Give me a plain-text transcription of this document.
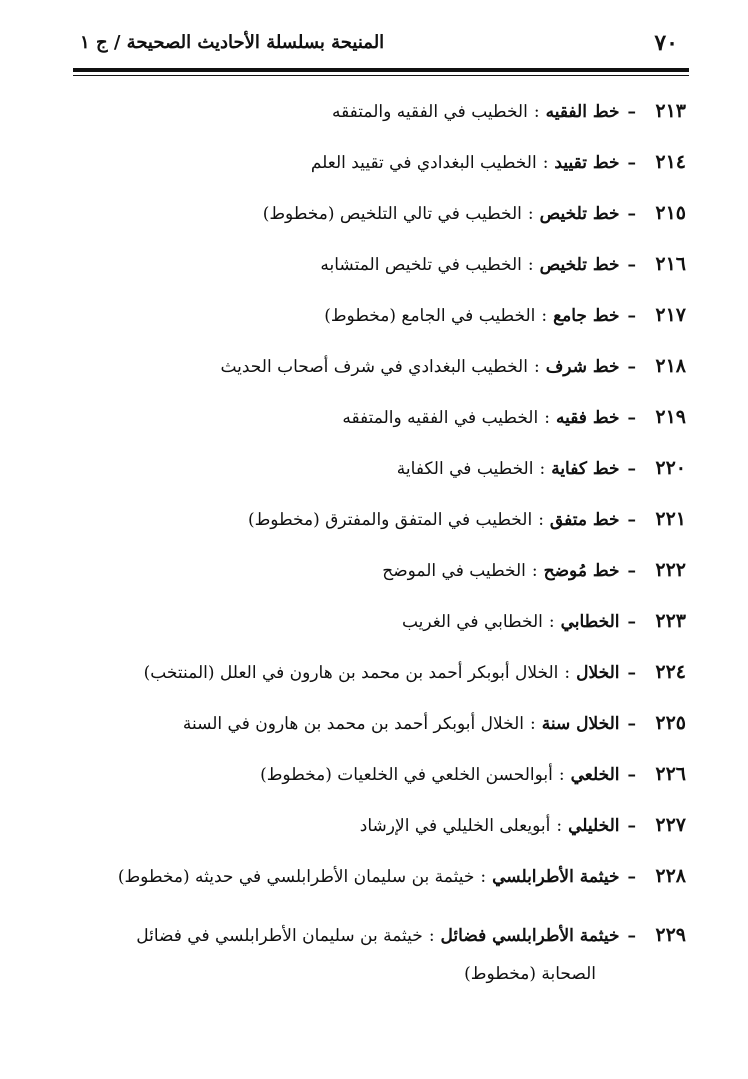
٧٠
المنيحة بسلسلة الأحاديث الصحيحة / ج ١
٢١٣
–
خط الفقيه
:
الخطيب في الفقيه والمتفقه
٢١٤
–
خط تقييد
:
الخطيب البغدادي في تقييد العلم
٢١٥
–
خط تلخيص
:
الخطيب في تالي التلخيص (مخطوط)
٢١٦
–
خط تلخيص
:
الخطيب في تلخيص المتشابه
٢١٧
–
خط جامع
:
الخطيب في الجامع (مخطوط)
٢١٨
–
خط شرف
:
الخطيب البغدادي في شرف أصحاب الحديث
٢١٩
–
خط فقيه
:
الخطيب في الفقيه والمتفقه
٢٢٠
–
خط كفاية
:
الخطيب في الكفاية
٢٢١
–
خط متفق
:
الخطيب في المتفق والمفترق (مخطوط)
٢٢٢
–
خط مُوضح
:
الخطيب في الموضح
٢٢٣
–
الخطابي
:
الخطابي في الغريب
٢٢٤
–
الخلال
:
الخلال أبوبكر أحمد بن محمد بن هارون في العلل (المنتخب)
٢٢٥
–
الخلال سنة
:
الخلال أبوبكر أحمد بن محمد بن هارون في السنة
٢٢٦
–
الخلعي
:
أبوالحسن الخلعي في الخلعيات (مخطوط)
٢٢٧
–
الخليلي
:
أبويعلى الخليلي في الإرشاد
٢٢٨
–
خيثمة الأطرابلسي
:
خيثمة بن سليمان الأطرابلسي في حديثه (مخطوط)
٢٢٩
–
خيثمة الأطرابلسي فضائل
:
خيثمة بن سليمان الأطرابلسي في فضائل
الصحابة (مخطوط)
